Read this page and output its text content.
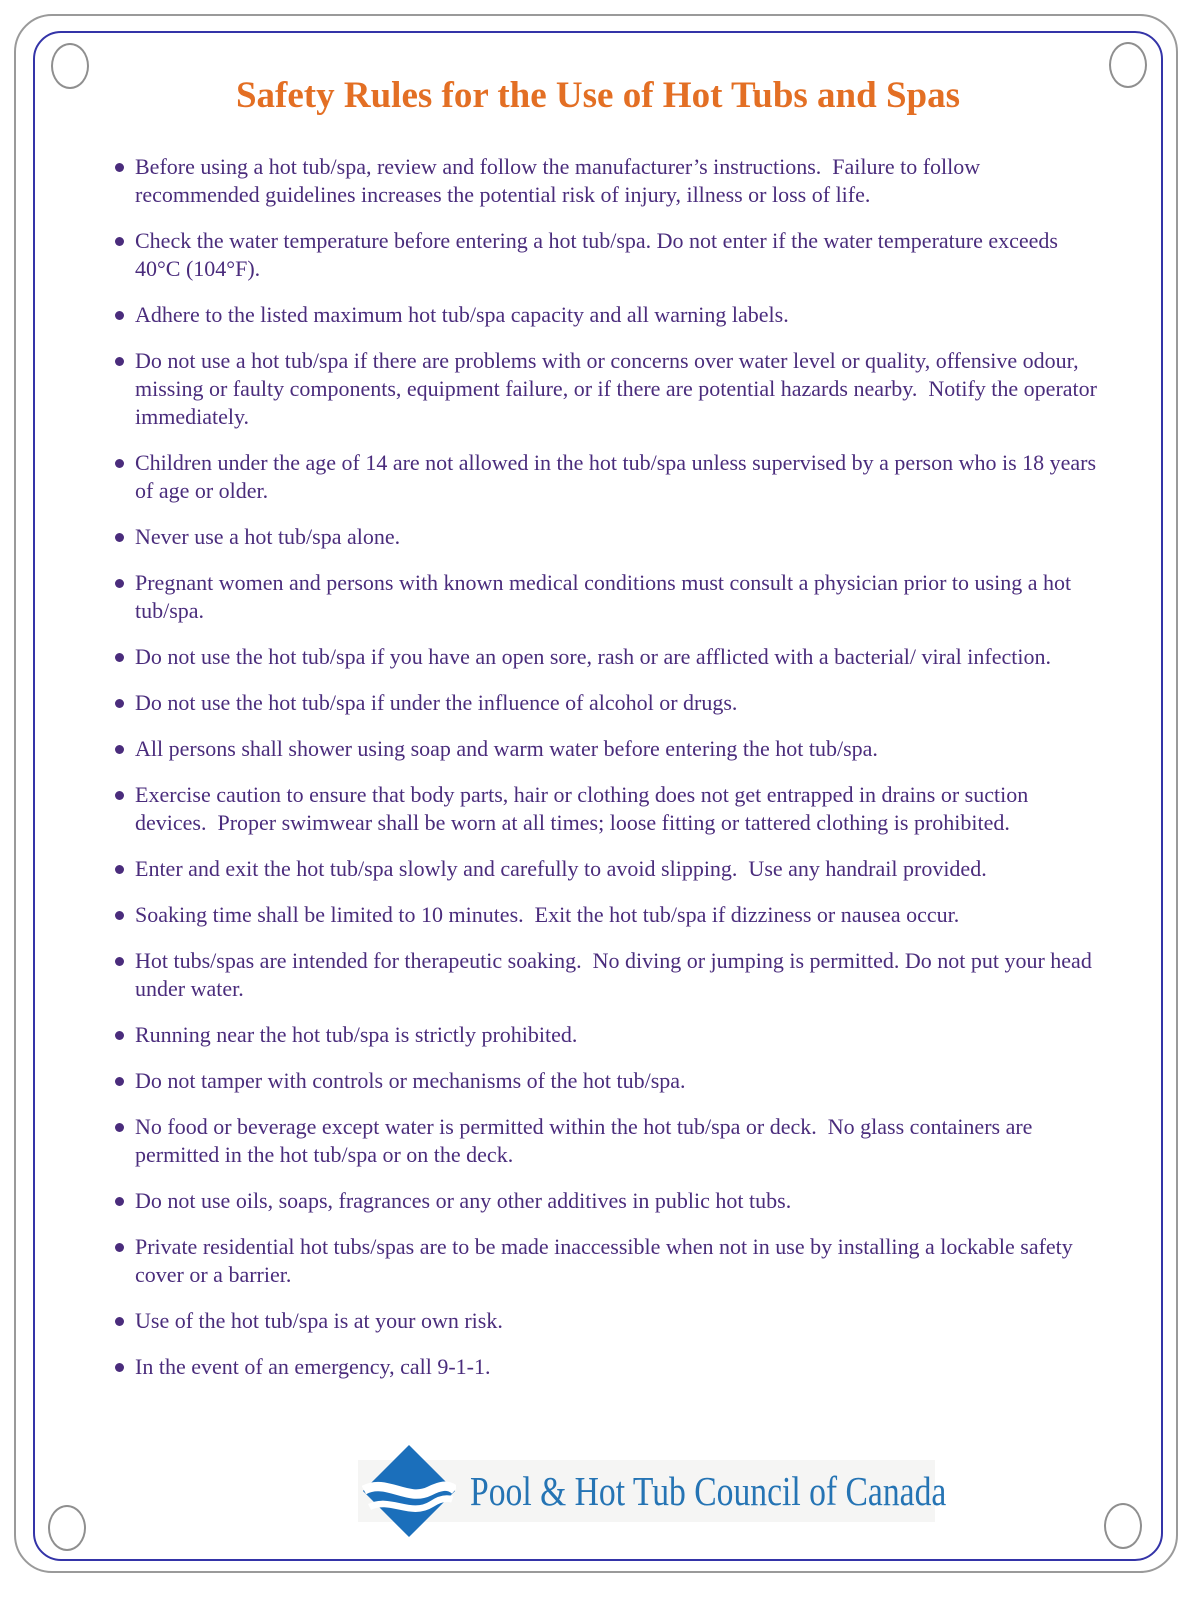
Safety Rules for the Use of Hot Tubs and Spas
Before using a hot tub/spa, review and follow the manufacturer’s instructions.  Failure to follow recommended guidelines increases the potential risk of injury, illness or loss of life.
Check the water temperature before entering a hot tub/spa. Do not enter if the water temperature exceeds 40°C (104°F).
Adhere to the listed maximum hot tub/spa capacity and all warning labels.
Do not use a hot tub/spa if there are problems with or concerns over water level or quality, offensive odour, missing or faulty components, equipment failure, or if there are potential hazards nearby.  Notify the operator immediately.
Children under the age of 14 are not allowed in the hot tub/spa unless supervised by a person who is 18 years of age or older.
Never use a hot tub/spa alone.
Pregnant women and persons with known medical conditions must consult a physician prior to using a hot tub/spa.
Do not use the hot tub/spa if you have an open sore, rash or are afflicted with a bacterial/ viral infection.
Do not use the hot tub/spa if under the influence of alcohol or drugs.
All persons shall shower using soap and warm water before entering the hot tub/spa.
Exercise caution to ensure that body parts, hair or clothing does not get entrapped in drains or suction devices.  Proper swimwear shall be worn at all times; loose fitting or tattered clothing is prohibited.
Enter and exit the hot tub/spa slowly and carefully to avoid slipping.  Use any handrail provided.
Soaking time shall be limited to 10 minutes.  Exit the hot tub/spa if dizziness or nausea occur.
Hot tubs/spas are intended for therapeutic soaking.  No diving or jumping is permitted. Do not put your head under water.
Running near the hot tub/spa is strictly prohibited.
Do not tamper with controls or mechanisms of the hot tub/spa.
No food or beverage except water is permitted within the hot tub/spa or deck.  No glass containers are permitted in the hot tub/spa or on the deck.
Do not use oils, soaps, fragrances or any other additives in public hot tubs.
Private residential hot tubs/spas are to be made inaccessible when not in use by installing a lockable safety cover or a barrier.
Use of the hot tub/spa is at your own risk.
In the event of an emergency, call 9-1-1.
Pool & Hot Tub Council of Canada
